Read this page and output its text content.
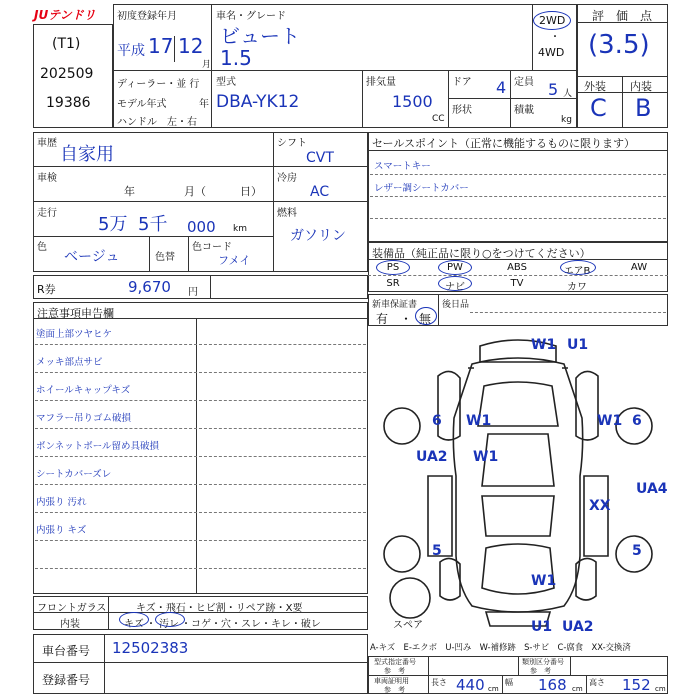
JUテンドリ
(T1)
202509
19386
初度登録年月
平成 17 12
月
車名・グレード
ビュート
1.5
2WD
・
4WD
評　価　点
(3.5)
外装 内装
C B
ディーラー・並 行
モデル年式	年
ハンドル　左・右
型式
DBA-YK12
排気量
1500
CC
ドア 4 定員 5 人
形状	積載
kg
車歴
自家用
車検
年	月（	日）
走行
5万 5千 000 km
色
ベージュ	色替
色コード
フメイ
シフト
CVT
冷房
AC
燃料
ガソリン
セールスポイント（正常に機能するものに限ります）
スマートキー
レザー調シートカバー
装備品（純正品に限り○をつけてください）
PS	PW	ABS	エアB	AW
SR	ナビ	TV	カワ
R券	9,670 円
新車保証書
有　・ 無
後日品
注意事項申告欄
塗面上部ツヤヒケ
メッキ部点サビ
ホイールキャップキズ
マフラー吊りゴム破損
ボンネットボール留め具破損
シートカバーズレ
内張り 汚れ
内張り キズ
W1 U1
6 W1	W1 6
UA2 W1
UA4
XX
5	5
W1
U1 UA2
スペア
フロントガラス	キズ・飛石・ヒビ割・リペア跡・X要
内装	キズ ・ 汚レ ・コゲ・穴・スレ・キレ・破レ
車台番号 12502383
登録番号
A-キズ　E-エクボ　U-凹み　W-補修跡　S-サビ　C-腐食　XX-交換済
型式指定番号
参　考
類別区分番号
参　考
車両証明用
参　考
長さ 440 cm
幅 168 cm
高さ 152 cm
